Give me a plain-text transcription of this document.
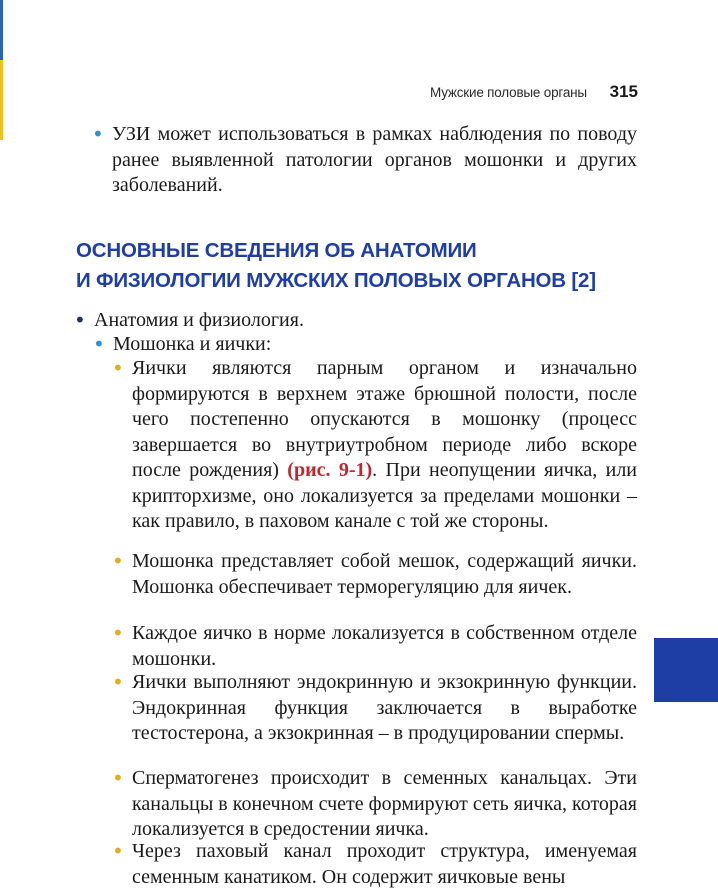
Мужские половые органы 315
• УЗИ может использоваться в рамках наблюдения по поводу ранее выявленной патологии органов мошонки и других заболеваний.
ОСНОВНЫЕ СВЕДЕНИЯ ОБ АНАТОМИИ
И ФИЗИОЛОГИИ МУЖСКИХ ПОЛОВЫХ ОРГАНОВ [2]
• Анатомия и физиология.
• Мошонка и яички:
• Яички являются парным органом и изначально формируются в верхнем этаже брюшной полости, после чего постепенно опускаются в мошонку (процесс завершается во внутриутробном периоде либо вскоре после рождения) (рис. 9-1). При неопущении яичка, или крипторхизме, оно локализуется за пределами мошонки – как правило, в паховом канале с той же стороны.
• Мошонка представляет собой мешок, содержащий яички. Мошонка обеспечивает терморегуляцию для яичек.
• Каждое яичко в норме локализуется в собственном отделе мошонки.
• Яички выполняют эндокринную и экзокринную функции. Эндокринная функция заключается в выработке тестостерона, а экзокринная – в продуцировании спермы.
• Сперматогенез происходит в семенных канальцах. Эти канальцы в конечном счете формируют сеть яичка, которая локализуется в средостении яичка.
• Через паховый канал проходит структура, именуемая семенным канатиком. Он содержит яичковые вены
